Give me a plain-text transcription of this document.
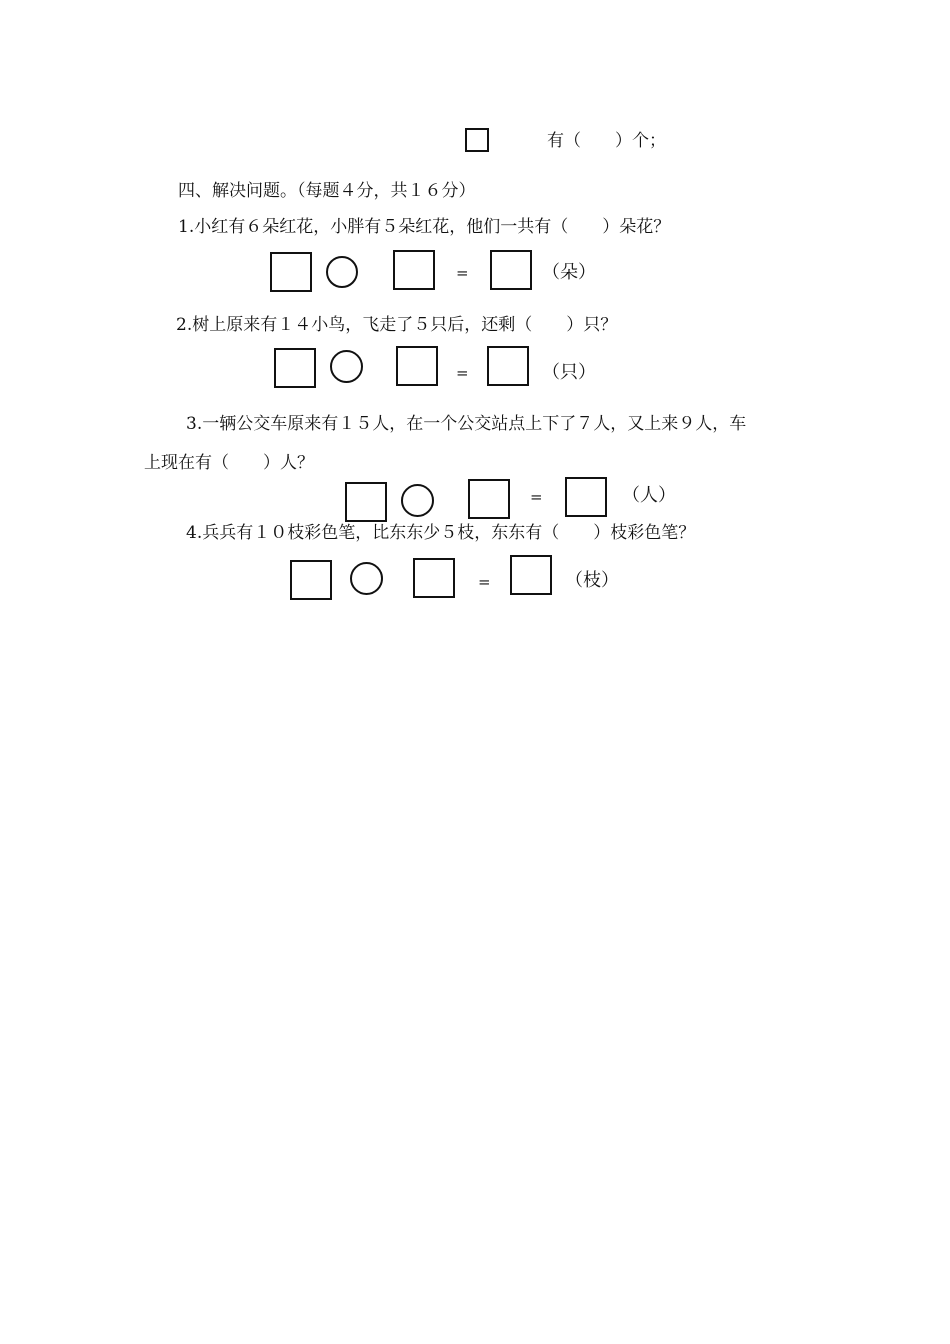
有（　　）个；
四、解决问题。（每题４分，共１６分）
1.小红有６朵红花，小胖有５朵红花，他们一共有（　　）朵花？
=	（朵）
2.树上原来有１４小鸟，飞走了５只后，还剩（　　）只？
=	（只）
3.一辆公交车原来有１５人，在一个公交站点上下了７人，又上来９人，车
上现在有（　　）人？
=	（人）
4.兵兵有１０枝彩色笔，比东东少５枝，东东有（　　）枝彩色笔？
=	（枝）
